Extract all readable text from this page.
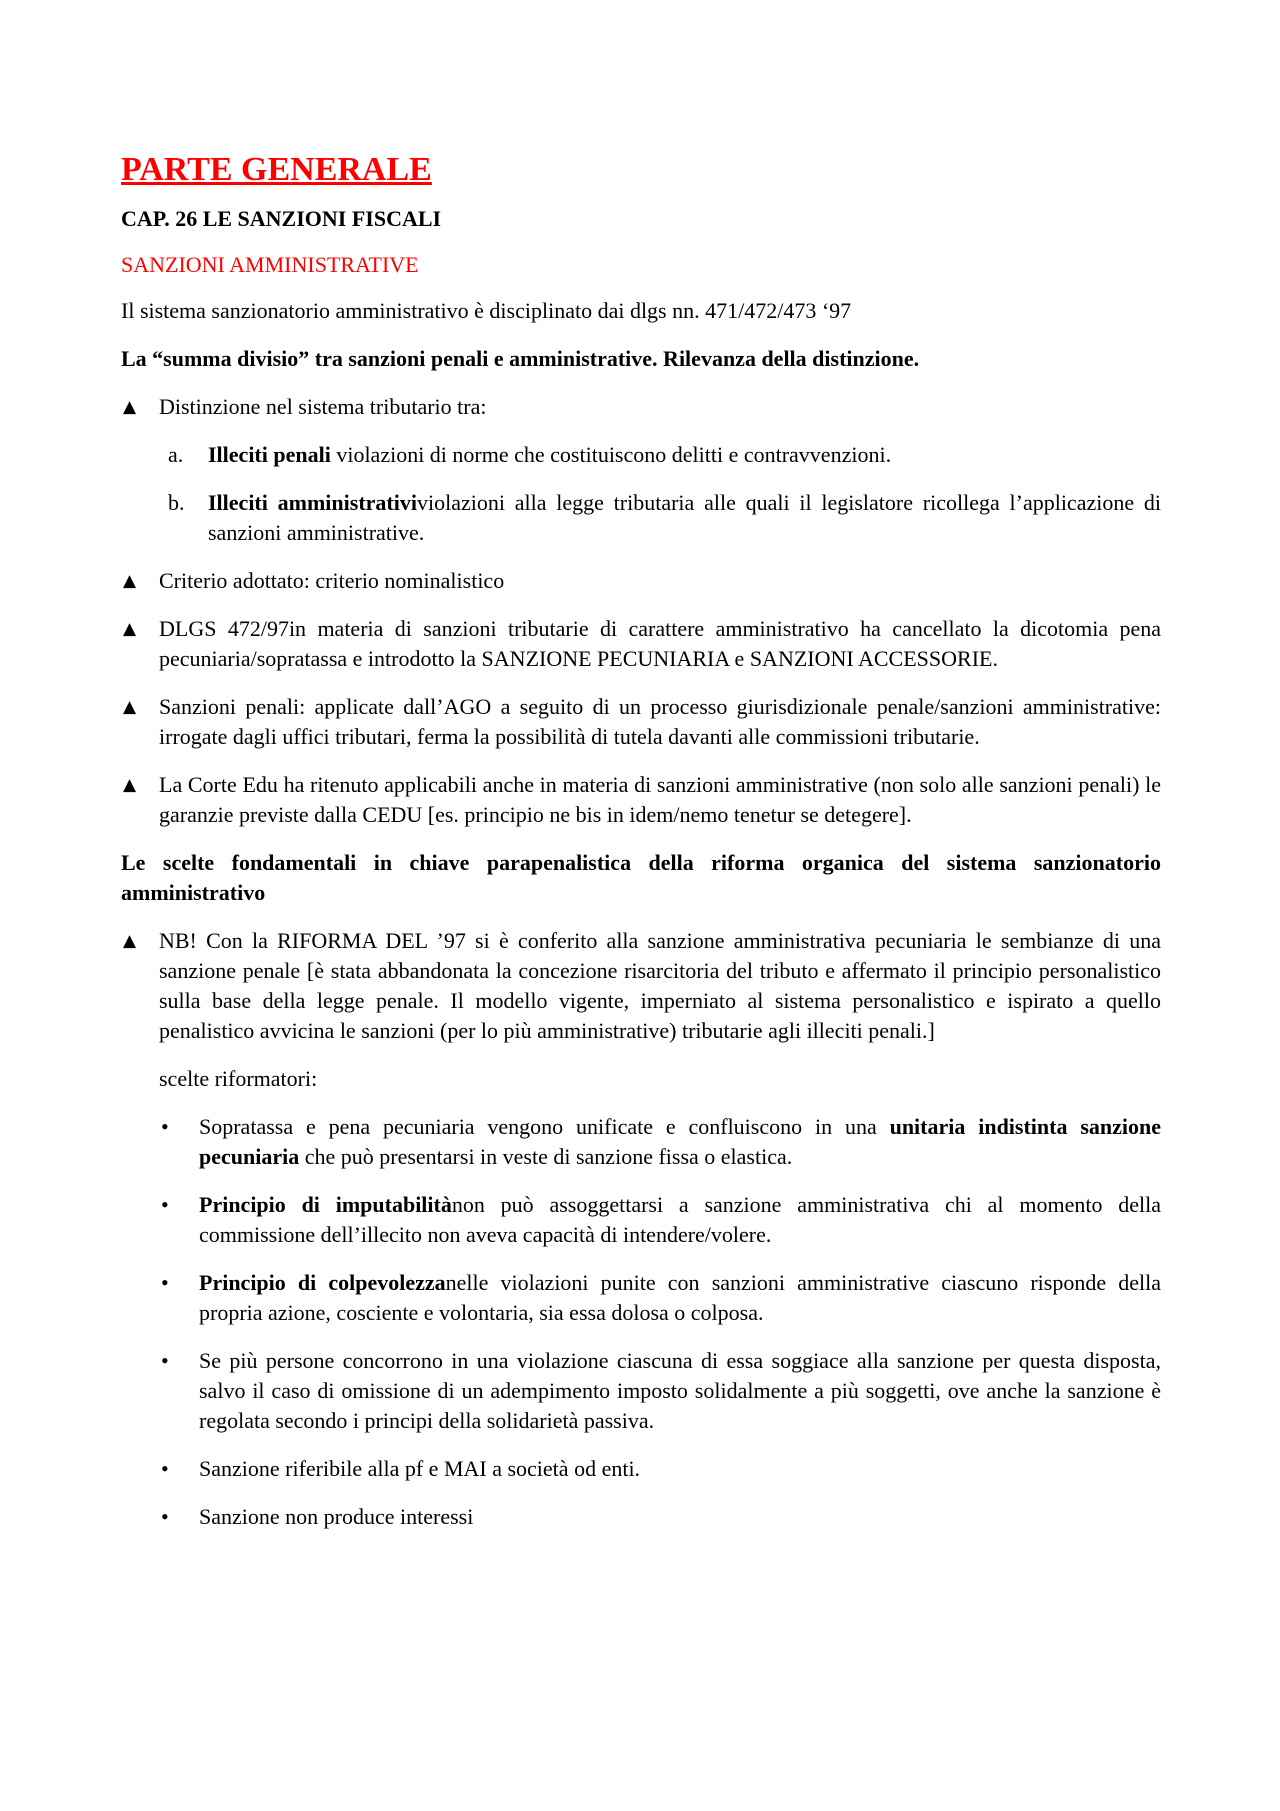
PARTE GENERALE
CAP. 26 LE SANZIONI FISCALI
SANZIONI AMMINISTRATIVE

Il sistema sanzionatorio amministrativo è disciplinato dai dlgs nn. 471/472/473 ‘97

La “summa divisio” tra sanzioni penali e amministrative. Rilevanza della distinzione.

▲ Distinzione nel sistema tributario tra:
a. Illeciti penali violazioni di norme che costituiscono delitti e contravvenzioni.
b. Illeciti amministrativiviolazioni alla legge tributaria alle quali il legislatore ricollega l’applicazione di sanzioni amministrative.
▲ Criterio adottato: criterio nominalistico
▲ DLGS 472/97in materia di sanzioni tributarie di carattere amministrativo ha cancellato la dicotomia pena pecuniaria/sopratassa e introdotto la SANZIONE PECUNIARIA e SANZIONI ACCESSORIE.
▲ Sanzioni penali: applicate dall’AGO a seguito di un processo giurisdizionale penale/sanzioni amministrative: irrogate dagli uffici tributari, ferma la possibilità di tutela davanti alle commissioni tributarie.
▲ La Corte Edu ha ritenuto applicabili anche in materia di sanzioni amministrative (non solo alle sanzioni penali) le garanzie previste dalla CEDU [es. principio ne bis in idem/nemo tenetur se detegere].

Le scelte fondamentali in chiave parapenalistica della riforma organica del sistema sanzionatorio amministrativo

▲ NB! Con la RIFORMA DEL ’97 si è conferito alla sanzione amministrativa pecuniaria le sembianze di una sanzione penale [è stata abbandonata la concezione risarcitoria del tributo e affermato il principio personalistico sulla base della legge penale. Il modello vigente, imperniato al sistema personalistico e ispirato a quello penalistico avvicina le sanzioni (per lo più amministrative) tributarie agli illeciti penali.]

scelte riformatori:

• Sopratassa e pena pecuniaria vengono unificate e confluiscono in una unitaria indistinta sanzione pecuniaria che può presentarsi in veste di sanzione fissa o elastica.
• Principio di imputabilitànon può assoggettarsi a sanzione amministrativa chi al momento della commissione dell’illecito non aveva capacità di intendere/volere.
• Principio di colpevolezzanelle violazioni punite con sanzioni amministrative ciascuno risponde della propria azione, cosciente e volontaria, sia essa dolosa o colposa.
• Se più persone concorrono in una violazione ciascuna di essa soggiace alla sanzione per questa disposta, salvo il caso di omissione di un adempimento imposto solidalmente a più soggetti, ove anche la sanzione è regolata secondo i principi della solidarietà passiva.
• Sanzione riferibile alla pf e MAI a società od enti.
• Sanzione non produce interessi
